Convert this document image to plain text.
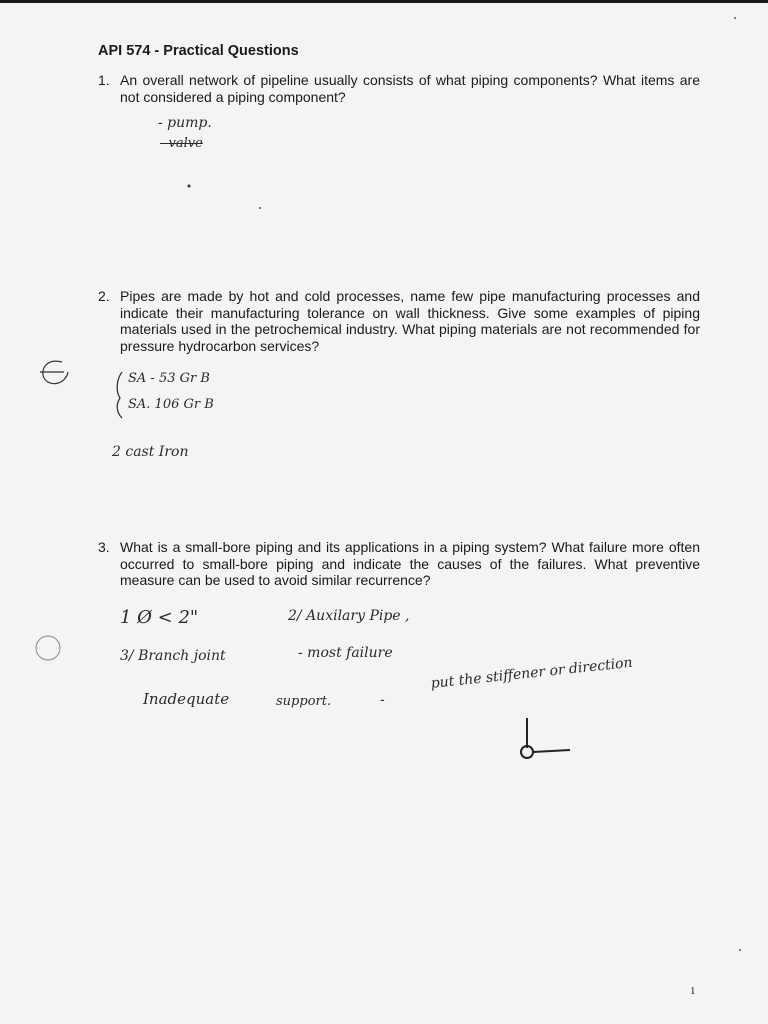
API 574 - Practical Questions
1. An overall network of pipeline usually consists of what piping components? What items are not considered a piping component?
2. Pipes are made by hot and cold processes, name few pipe manufacturing processes and indicate their manufacturing tolerance on wall thickness. Give some examples of piping materials used in the petrochemical industry. What piping materials are not recommended for pressure hydrocarbon services?
3. What is a small-bore piping and its applications in a piping system? What failure more often occurred to small-bore piping and indicate the causes of the failures. What preventive measure can be used to avoid similar recurrence?
- pump.
- valve
SA - 53 Gr B
SA. 106 Gr B
2 cast Iron
1 Ø < 2"	2/ Auxilary Pipe ,
3/ Branch joint	- most failure
Inadequate	support.	-
put the stiffener or direction
1
